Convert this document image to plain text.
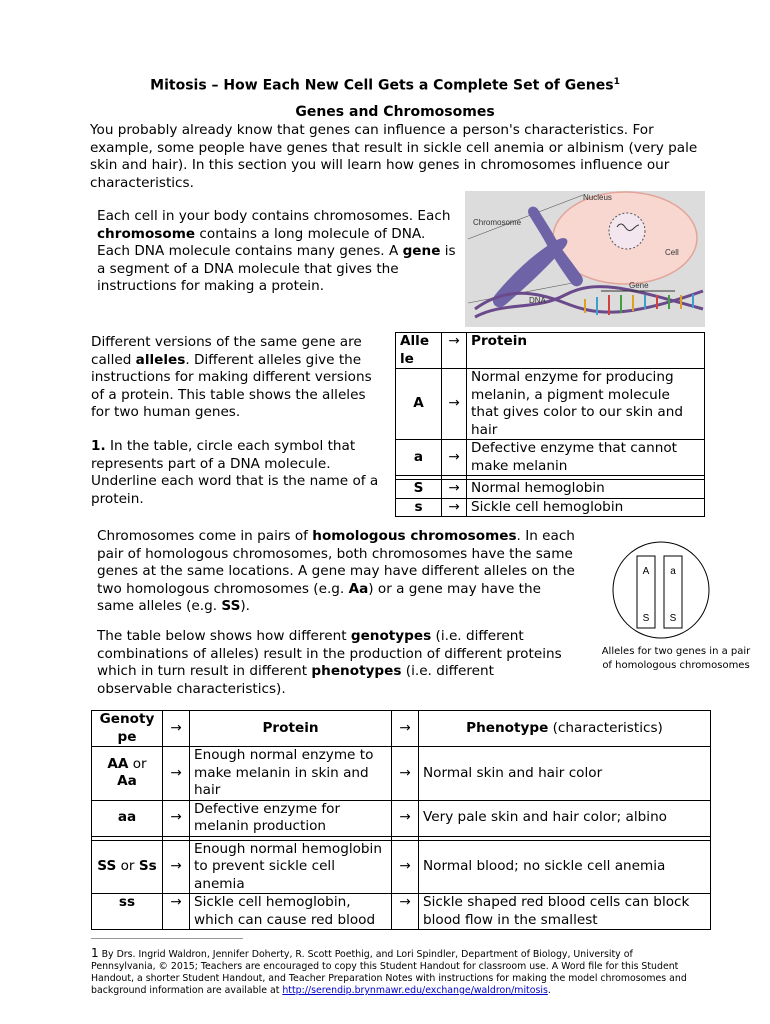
Mitosis – How Each New Cell Gets a Complete Set of Genes$^1$
Genes and Chromosomes

You probably already know that genes can influence a person's characteristics. For example, some people have genes that result in sickle cell anemia or albinism (very pale skin and hair). In this section you will learn how genes in chromosomes influence our characteristics.

Each cell in your body contains chromosomes. Each chromosome contains a long molecule of DNA. Each DNA molecule contains many genes. A gene is a segment of a DNA molecule that gives the instructions for making a protein.

Chromosome
Nucleus
Cell
Gene
DNA

Different versions of the same gene are called alleles. Different alleles give the instructions for making different versions of a protein. This table shows the alleles for two human genes.

1. In the table, circle each symbol that represents part of a DNA molecule. Underline each word that is the name of a protein.

Alle le	→	Protein
A	→	Normal enzyme for producing melanin, a pigment molecule that gives color to our skin and hair
a	→	Defective enzyme that cannot make melanin

S	→	Normal hemoglobin
s	→	Sickle cell hemoglobin

Chromosomes come in pairs of homologous chromosomes. In each pair of homologous chromosomes, both chromosomes have the same genes at the same locations. A gene may have different alleles on the two homologous chromosomes (e.g. Aa) or a gene may have the same alleles (e.g. SS).

A a
S S
Alleles for two genes in a pair
of homologous chromosomes

The table below shows how different genotypes (i.e. different combinations of alleles) result in the production of different proteins which in turn result in different phenotypes (i.e. different observable characteristics).

Genoty pe	→	Protein	→	Phenotype (characteristics)
AA or Aa	→	Enough normal enzyme to make melanin in skin and hair	→	Normal skin and hair color
aa	→	Defective enzyme for melanin production	→	Very pale skin and hair color; albino

SS or Ss	→	Enough normal hemoglobin to prevent sickle cell anemia	→	Normal blood; no sickle cell anemia
ss	→	Sickle cell hemoglobin, which can cause red blood	→	Sickle shaped red blood cells can block blood flow in the smallest

1 By Drs. Ingrid Waldron, Jennifer Doherty, R. Scott Poethig, and Lori Spindler, Department of Biology, University of Pennsylvania, © 2015; Teachers are encouraged to copy this Student Handout for classroom use. A Word file for this Student Handout, a shorter Student Handout, and Teacher Preparation Notes with instructions for making the model chromosomes and background information are available at http://serendip.brynmawr.edu/exchange/waldron/mitosis.
